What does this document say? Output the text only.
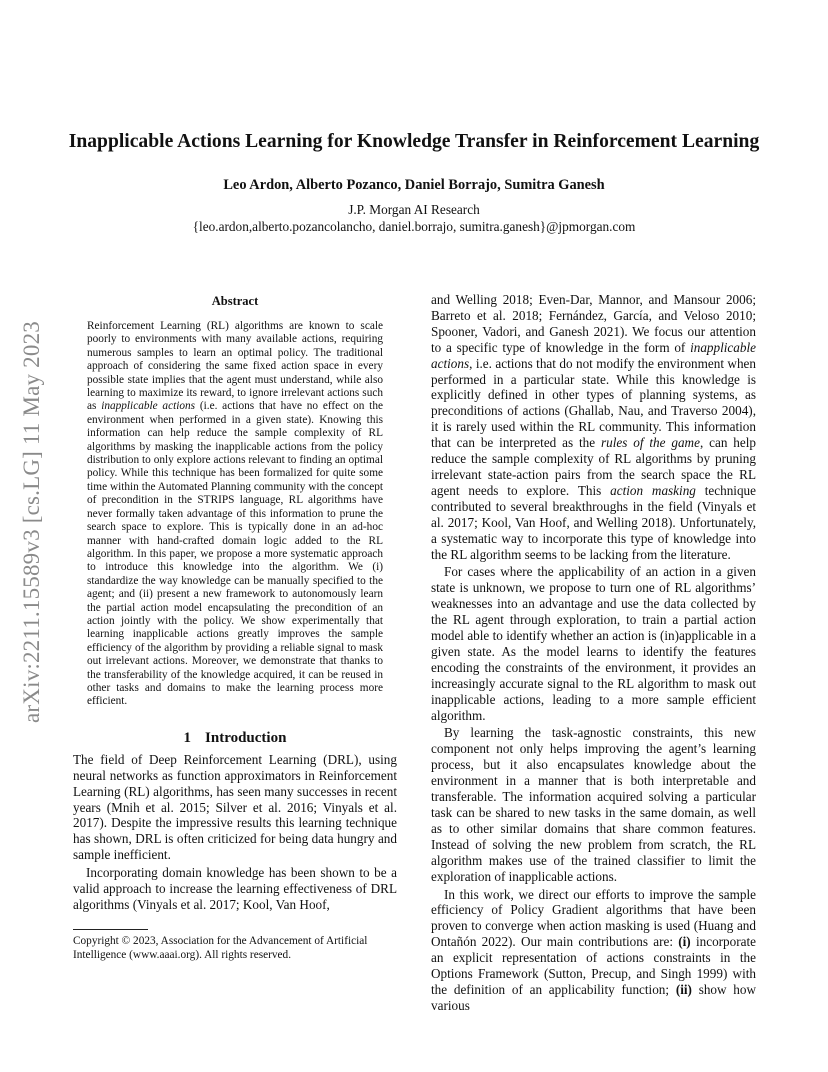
arXiv:2211.15589v3 [cs.LG] 11 May 2023
Inapplicable Actions Learning for Knowledge Transfer in Reinforcement Learning
Leo Ardon, Alberto Pozanco, Daniel Borrajo, Sumitra Ganesh
J.P. Morgan AI Research
{leo.ardon,alberto.pozancolancho, daniel.borrajo, sumitra.ganesh}@jpmorgan.com
Abstract

Reinforcement Learning (RL) algorithms are known to scale poorly to environments with many available actions, requiring numerous samples to learn an optimal policy. The traditional approach of considering the same fixed action space in every possible state implies that the agent must understand, while also learning to maximize its reward, to ignore irrelevant actions such as inapplicable actions (i.e. actions that have no effect on the environment when performed in a given state). Knowing this information can help reduce the sample complexity of RL algorithms by masking the inapplicable actions from the policy distribution to only explore actions relevant to finding an optimal policy. While this technique has been formalized for quite some time within the Automated Planning community with the concept of precondition in the STRIPS language, RL algorithms have never formally taken advantage of this information to prune the search space to explore. This is typically done in an ad-hoc manner with hand-crafted domain logic added to the RL algorithm. In this paper, we propose a more systematic approach to introduce this knowledge into the algorithm. We (i) standardize the way knowledge can be manually specified to the agent; and (ii) present a new framework to autonomously learn the partial action model encapsulating the precondition of an action jointly with the policy. We show experimentally that learning inapplicable actions greatly improves the sample efficiency of the algorithm by providing a reliable signal to mask out irrelevant actions. Moreover, we demonstrate that thanks to the transferability of the knowledge acquired, it can be reused in other tasks and domains to make the learning process more efficient.

1 Introduction

The field of Deep Reinforcement Learning (DRL), using neural networks as function approximators in Reinforcement Learning (RL) algorithms, has seen many successes in recent years (Mnih et al. 2015; Silver et al. 2016; Vinyals et al. 2017). Despite the impressive results this learning technique has shown, DRL is often criticized for being data hungry and sample inefficient.

Incorporating domain knowledge has been shown to be a valid approach to increase the learning effectiveness of DRL algorithms (Vinyals et al. 2017; Kool, Van Hoof,

Copyright © 2023, Association for the Advancement of Artificial Intelligence (www.aaai.org). All rights reserved.

and Welling 2018; Even-Dar, Mannor, and Mansour 2006; Barreto et al. 2018; Fernández, García, and Veloso 2010; Spooner, Vadori, and Ganesh 2021). We focus our attention to a specific type of knowledge in the form of inapplicable actions, i.e. actions that do not modify the environment when performed in a particular state. While this knowledge is explicitly defined in other types of planning systems, as preconditions of actions (Ghallab, Nau, and Traverso 2004), it is rarely used within the RL community. This information that can be interpreted as the rules of the game, can help reduce the sample complexity of RL algorithms by pruning irrelevant state-action pairs from the search space the RL agent needs to explore. This action masking technique contributed to several breakthroughs in the field (Vinyals et al. 2017; Kool, Van Hoof, and Welling 2018). Unfortunately, a systematic way to incorporate this type of knowledge into the RL algorithm seems to be lacking from the literature.

For cases where the applicability of an action in a given state is unknown, we propose to turn one of RL algorithms’ weaknesses into an advantage and use the data collected by the RL agent through exploration, to train a partial action model able to identify whether an action is (in)applicable in a given state. As the model learns to identify the features encoding the constraints of the environment, it provides an increasingly accurate signal to the RL algorithm to mask out inapplicable actions, leading to a more sample efficient algorithm.

By learning the task-agnostic constraints, this new component not only helps improving the agent’s learning process, but it also encapsulates knowledge about the environment in a manner that is both interpretable and transferable. The information acquired solving a particular task can be shared to new tasks in the same domain, as well as to other similar domains that share common features. Instead of solving the new problem from scratch, the RL algorithm makes use of the trained classifier to limit the exploration of inapplicable actions.

In this work, we direct our efforts to improve the sample efficiency of Policy Gradient algorithms that have been proven to converge when action masking is used (Huang and Ontañón 2022). Our main contributions are: (i) incorporate an explicit representation of actions constraints in the Options Framework (Sutton, Precup, and Singh 1999) with the definition of an applicability function; (ii) show how various
